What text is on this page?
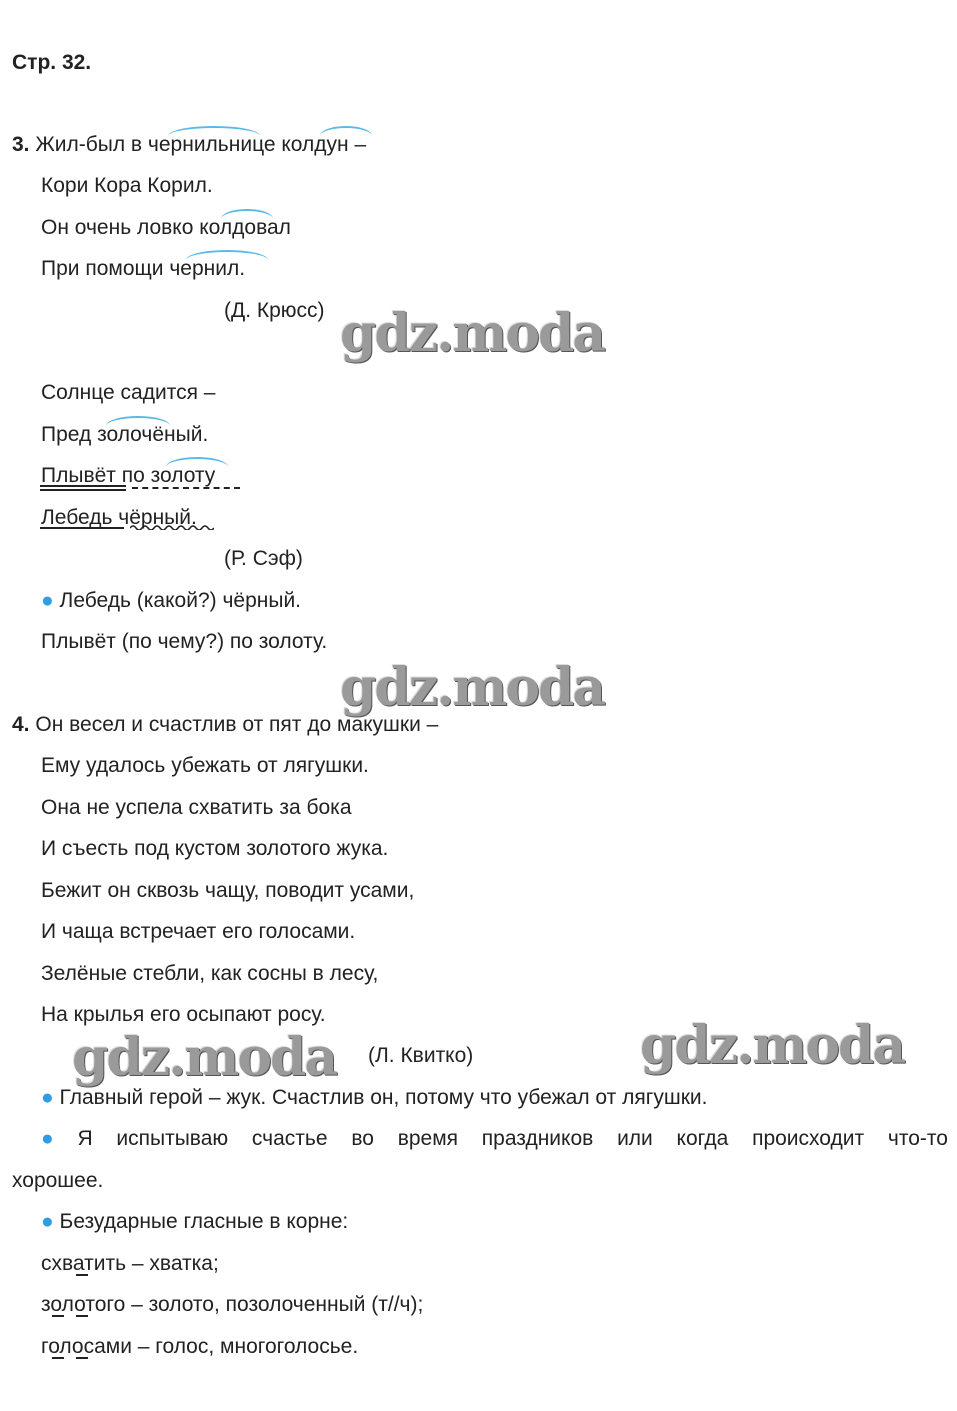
Стр. 32.
3. Жил-был в чернильнице колдун –
Кори Кора Корил.
Он очень ловко колдовал
При помощи чернил.
(Д. Крюсс)
Солнце садится –
Пред золочёный.
Плывёт по золоту
Лебедь чёрный.
(Р. Сэф)
● Лебедь (какой?) чёрный.
Плывёт (по чему?) по золоту.
gdz.moda
gdz.moda
gdz.moda	gdz.moda
4. Он весел и счастлив от пят до макушки –
Ему удалось убежать от лягушки.
Она не успела схватить за бока
И съесть под кустом золотого жука.
Бежит он сквозь чащу, поводит усами,
И чаща встречает его голосами.
Зелёные стебли, как сосны в лесу,
На крылья его осыпают росу.
(Л. Квитко)
● Главный герой – жук. Счастлив он, потому что убежал от лягушки.
● Я испытываю счастье во время праздников или когда происходит что-то
хорошее.
● Безударные гласные в корне:
схватить – хватка;
золотого – золото, позолоченный (т//ч);
голосами – голос, многоголосье.
